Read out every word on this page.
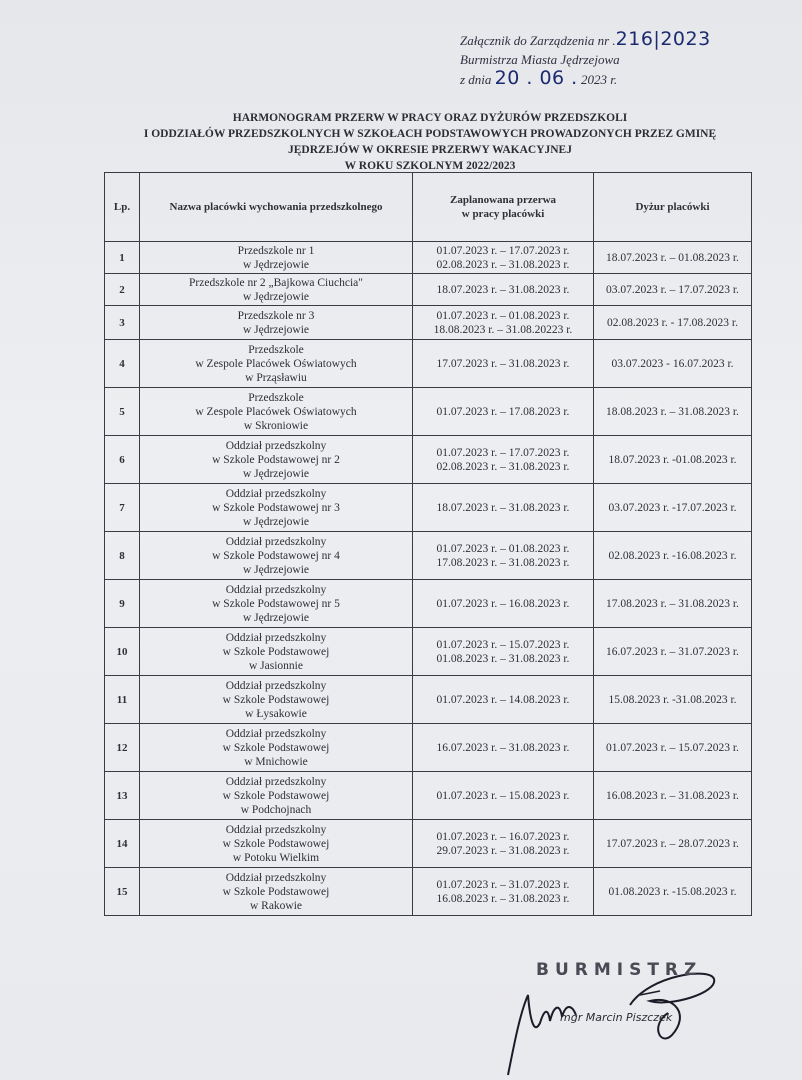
Załącznik do Zarządzenia nr .216|2023
Burmistrza Miasta Jędrzejowa
z dnia 20 . 06 . 2023 r.
HARMONOGRAM PRZERW W PRACY ORAZ DYŻURÓW PRZEDSZKOLI
I ODDZIAŁÓW PRZEDSZKOLNYCH W SZKOŁACH PODSTAWOWYCH PROWADZONYCH PRZEZ GMINĘ
JĘDRZEJÓW W OKRESIE PRZERWY WAKACYJNEJ
W ROKU SZKOLNYM 2022/2023
Lp.	Nazwa placówki wychowania przedszkolnego	Zaplanowana przerwa
w pracy placówki	Dyżur placówki
1	Przedszkole nr 1
w Jędrzejowie	01.07.2023 r. – 17.07.2023 r.
02.08.2023 r. – 31.08.2023 r.	18.07.2023 r. – 01.08.2023 r.
2	Przedszkole nr 2 „Bajkowa Ciuchcia"
w Jędrzejowie	18.07.2023 r. – 31.08.2023 r.	03.07.2023 r. – 17.07.2023 r.
3	Przedszkole nr 3
w Jędrzejowie	01.07.2023 r. – 01.08.2023 r.
18.08.2023 r. – 31.08.20223 r.	02.08.2023 r. - 17.08.2023 r.
4	Przedszkole
w Zespole Placówek Oświatowych
w Prząsławiu	17.07.2023 r. – 31.08.2023 r.	03.07.2023 - 16.07.2023 r.
5	Przedszkole
w Zespole Placówek Oświatowych
w Skroniowie	01.07.2023 r. – 17.08.2023 r.	18.08.2023 r. – 31.08.2023 r.
6	Oddział przedszkolny
w Szkole Podstawowej nr 2
w Jędrzejowie	01.07.2023 r. – 17.07.2023 r.
02.08.2023 r. – 31.08.2023 r.	18.07.2023 r. -01.08.2023 r.
7	Oddział przedszkolny
w Szkole Podstawowej nr 3
w Jędrzejowie	18.07.2023 r. – 31.08.2023 r.	03.07.2023 r. -17.07.2023 r.
8	Oddział przedszkolny
w Szkole Podstawowej nr 4
w Jędrzejowie	01.07.2023 r. – 01.08.2023 r.
17.08.2023 r. – 31.08.2023 r.	02.08.2023 r. -16.08.2023 r.
9	Oddział przedszkolny
w Szkole Podstawowej nr 5
w Jędrzejowie	01.07.2023 r. – 16.08.2023 r.	17.08.2023 r. – 31.08.2023 r.
10	Oddział przedszkolny
w Szkole Podstawowej
w Jasionnie	01.07.2023 r. – 15.07.2023 r.
01.08.2023 r. – 31.08.2023 r.	16.07.2023 r. – 31.07.2023 r.
11	Oddział przedszkolny
w Szkole Podstawowej
w Łysakowie	01.07.2023 r. – 14.08.2023 r.	15.08.2023 r. -31.08.2023 r.
12	Oddział przedszkolny
w Szkole Podstawowej
w Mnichowie	16.07.2023 r. – 31.08.2023 r.	01.07.2023 r. – 15.07.2023 r.
13	Oddział przedszkolny
w Szkole Podstawowej
w Podchojnach	01.07.2023 r. – 15.08.2023 r.	16.08.2023 r. – 31.08.2023 r.
14	Oddział przedszkolny
w Szkole Podstawowej
w Potoku Wielkim	01.07.2023 r. – 16.07.2023 r.
29.07.2023 r. – 31.08.2023 r.	17.07.2023 r. – 28.07.2023 r.
15	Oddział przedszkolny
w Szkole Podstawowej
w Rakowie	01.07.2023 r. – 31.07.2023 r.
16.08.2023 r. – 31.08.2023 r.	01.08.2023 r. -15.08.2023 r.
BURMISTRZ
mgr Marcin Piszczek
